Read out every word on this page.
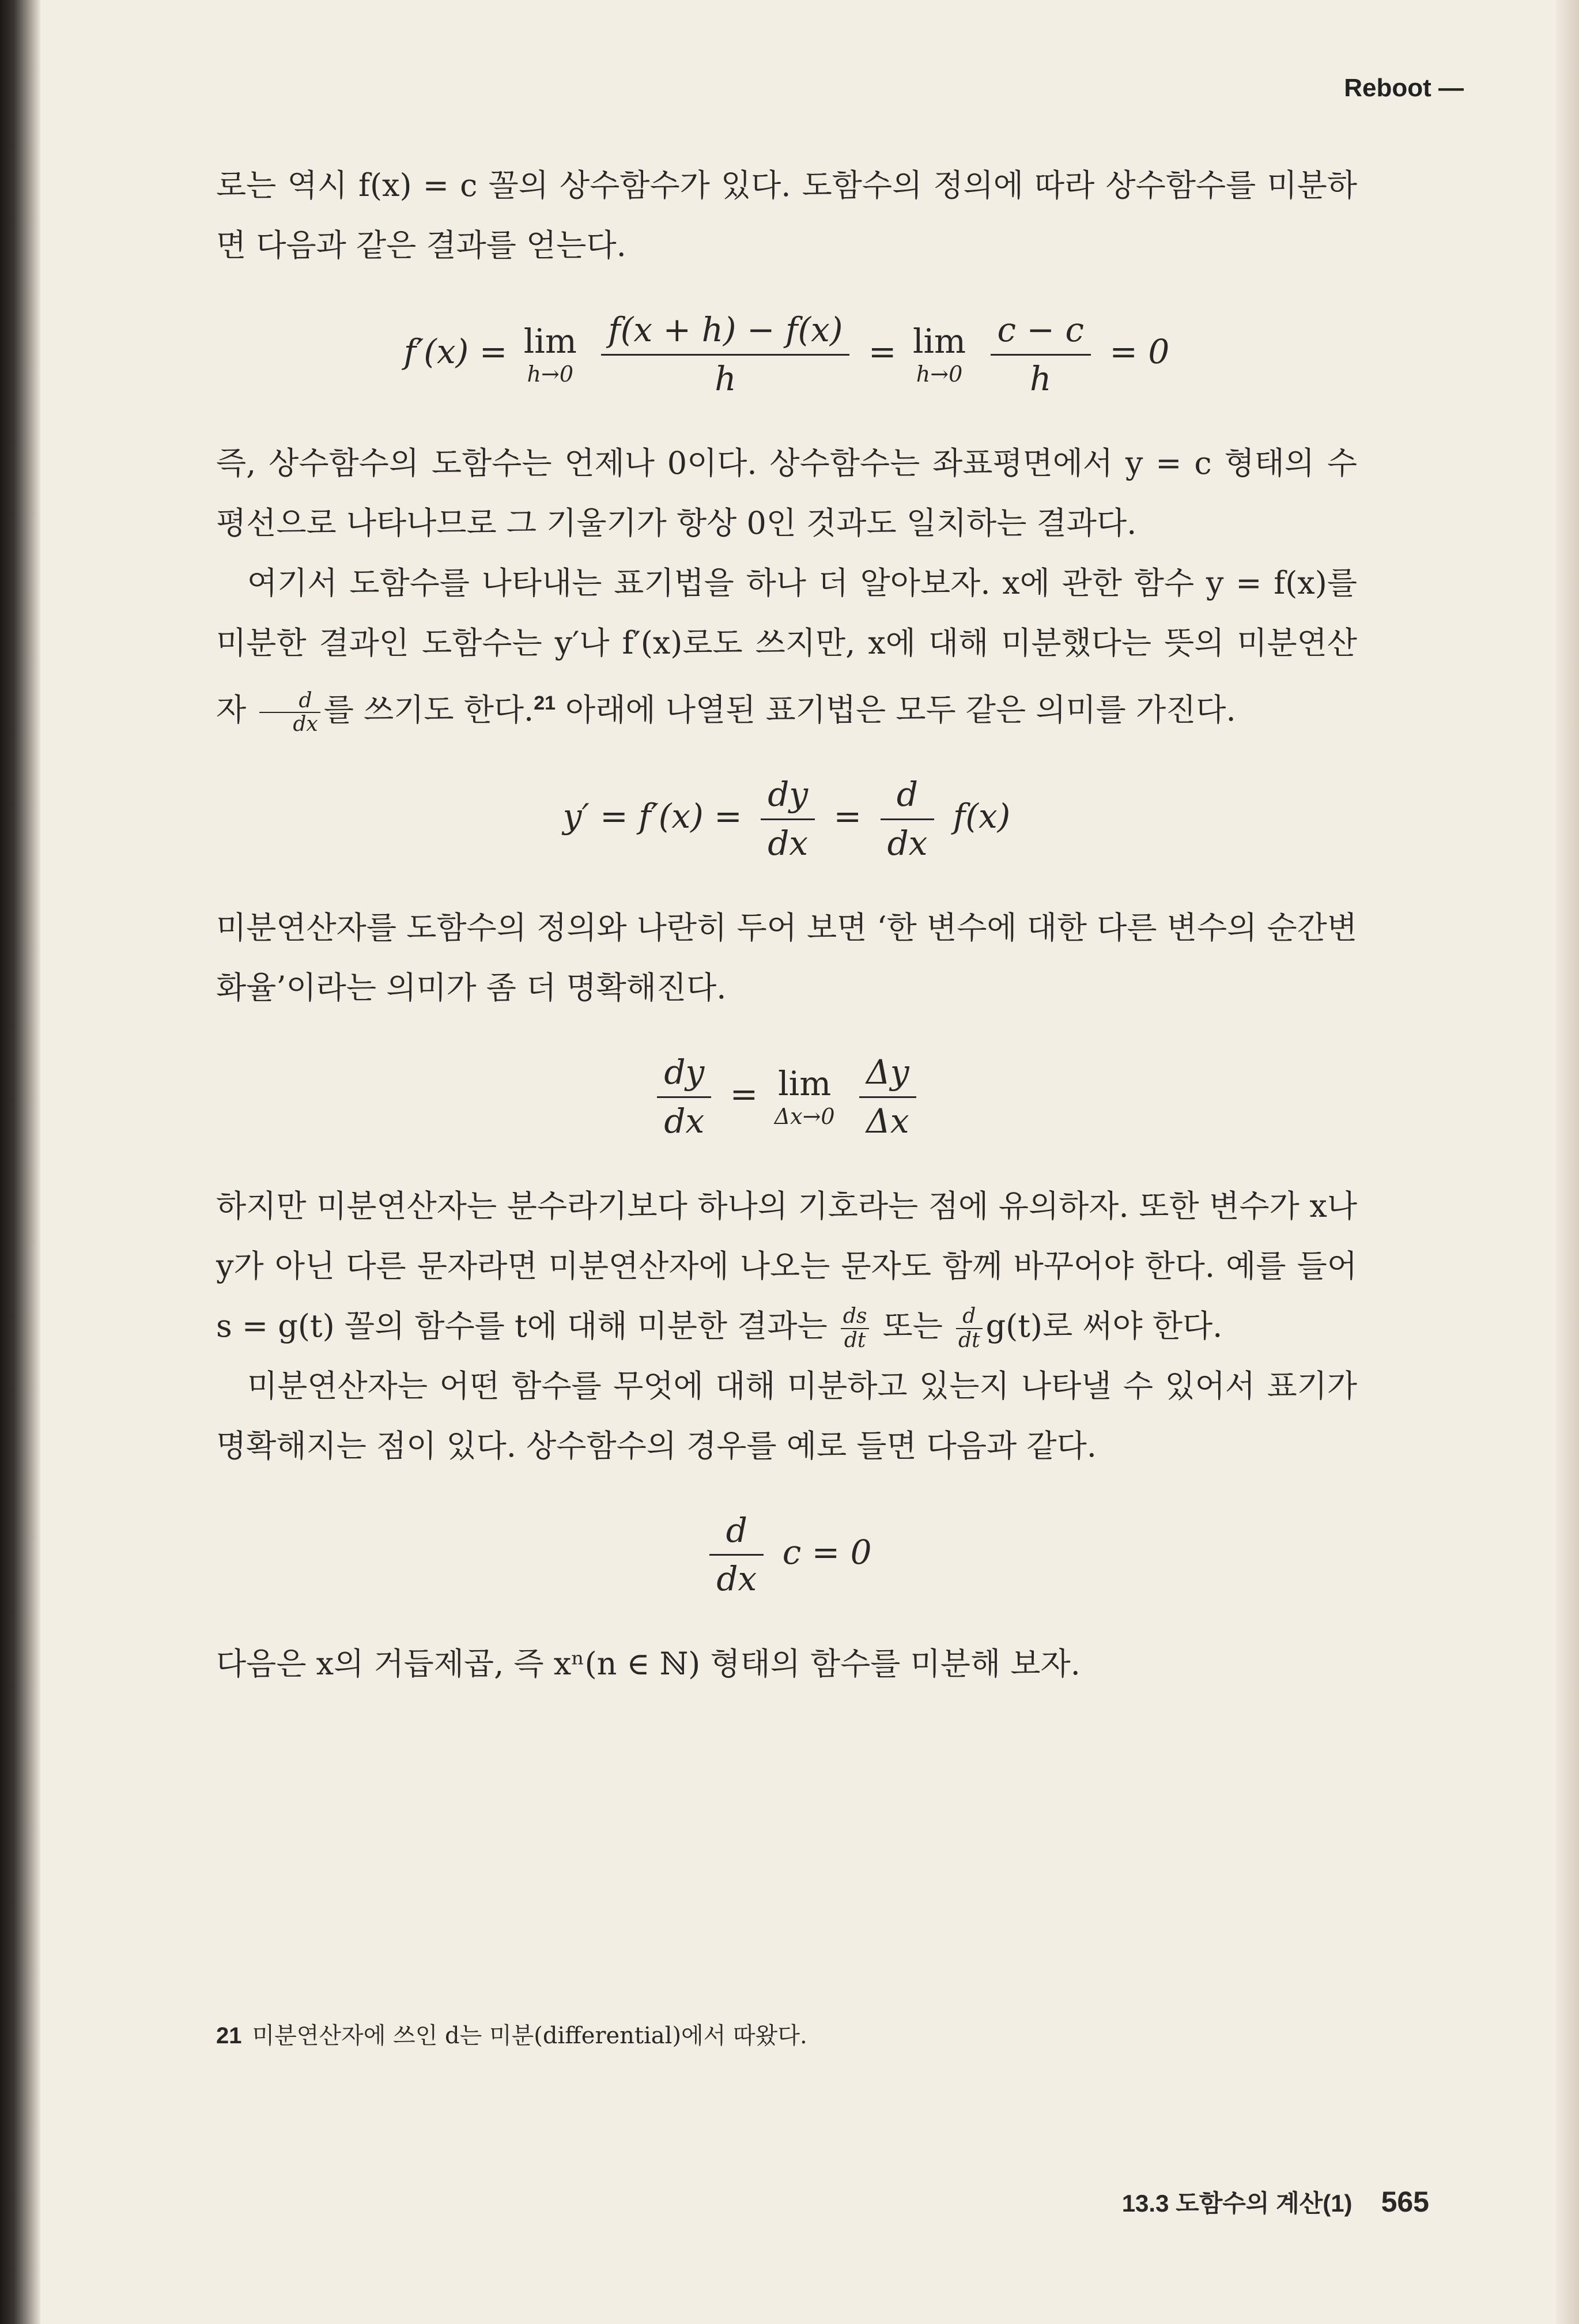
Reboot —

로는 역시 f(x) = c 꼴의 상수함수가 있다. 도함수의 정의에 따라 상수함수를 미분하면 다음과 같은 결과를 얻는다.

f′(x) = lim
h→0
$\frac{f(x + h) - f(x)}{h} = \lim$
h→0
$\frac{c - c}{h} = 0$

즉, 상수함수의 도함수는 언제나 0이다. 상수함수는 좌표평면에서 y = c 형태의 수평선으로 나타나므로 그 기울기가 항상 0인 것과도 일치하는 결과다.

여기서 도함수를 나타내는 표기법을 하나 더 알아보자. x에 관한 함수 y = f(x)를 미분한 결과인 도함수는 y′나 f′(x)로도 쓰지만, x에 대해 미분했다는 뜻의 미분연산자 $\frac{d}{dx}$ 를 쓰기도 한다.$^{21}$ 아래에 나열된 표기법은 모두 같은 의미를 가진다.

$y' = f'(x) = \frac{dy}{dx} = \frac{d}{dx} f(x)$

미분연산자를 도함수의 정의와 나란히 두어 보면 ‘한 변수에 대한 다른 변수의 순간변화율’이라는 의미가 좀 더 명확해진다.

$\frac{dy}{dx} = \lim$
Δx→0
$\frac{\Delta y}{\Delta x}$

하지만 미분연산자는 분수라기보다 하나의 기호라는 점에 유의하자. 또한 변수가 x나 y가 아닌 다른 문자라면 미분연산자에 나오는 문자도 함께 바꾸어야 한다. 예를 들어 s = g(t) 꼴의 함수를 t에 대해 미분한 결과는 $\frac{ds}{dt}$ 또는 $\frac{d}{dt} g(t)$로 써야 한다.

미분연산자는 어떤 함수를 무엇에 대해 미분하고 있는지 나타낼 수 있어서 표기가 명확해지는 점이 있다. 상수함수의 경우를 예로 들면 다음과 같다.

$\frac{d}{dx}$ c = 0

다음은 x의 거듭제곱, 즉 xⁿ(n ∈ ℕ) 형태의 함수를 미분해 보자.

21 미분연산자에 쓰인 d는 미분(differential)에서 따왔다.
13.3 도함수의 계산(1) 565
